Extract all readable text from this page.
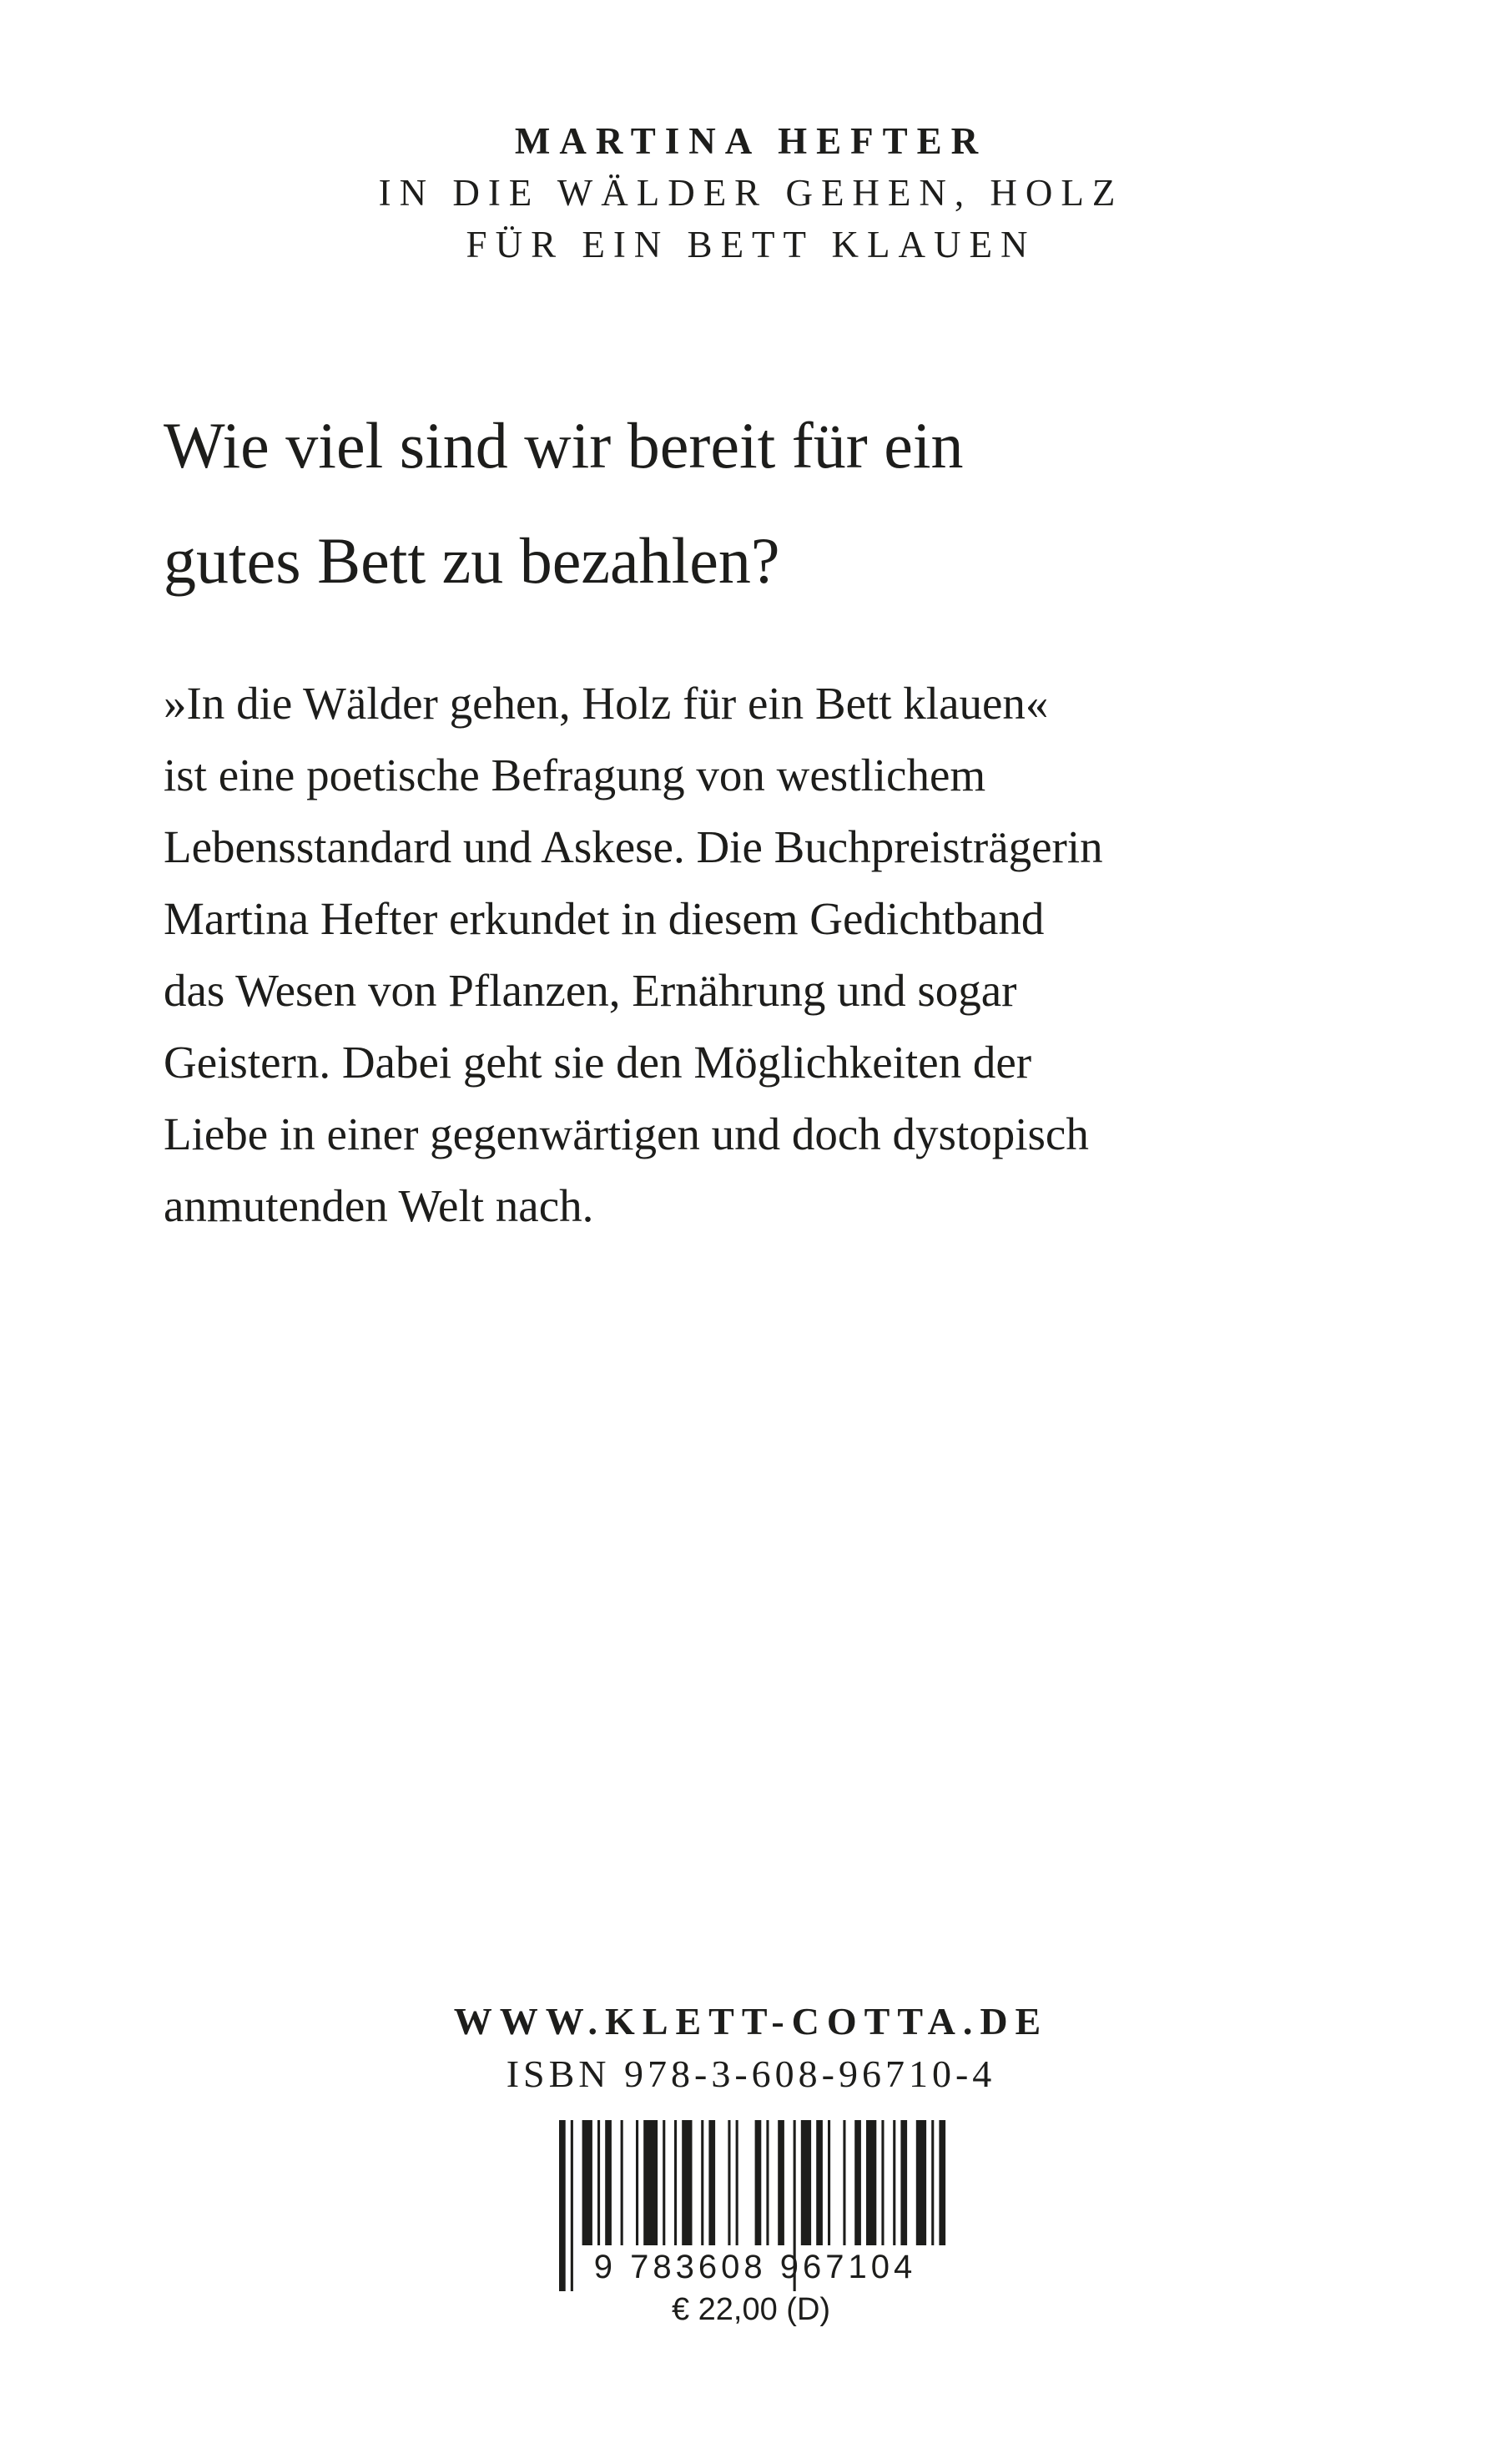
MARTINA HEFTER

IN DIE WÄLDER GEHEN, HOLZ

FÜR EIN BETT KLAUEN

Wie viel sind wir bereit für ein
gutes Bett zu bezahlen?

»In die Wälder gehen, Holz für ein Bett klauen«
ist eine poetische Befragung von westlichem
Lebensstandard und Askese. Die Buchpreisträgerin
Martina Hefter erkundet in diesem Gedichtband
das Wesen von Pflanzen, Ernährung und sogar
Geistern. Dabei geht sie den Möglichkeiten der
Liebe in einer gegenwärtigen und doch dystopisch
anmutenden Welt nach.

WWW.KLETT-COTTA.DE

ISBN 978-3-608-96710-4

9 783608 967104
€ 22,00 (D)
